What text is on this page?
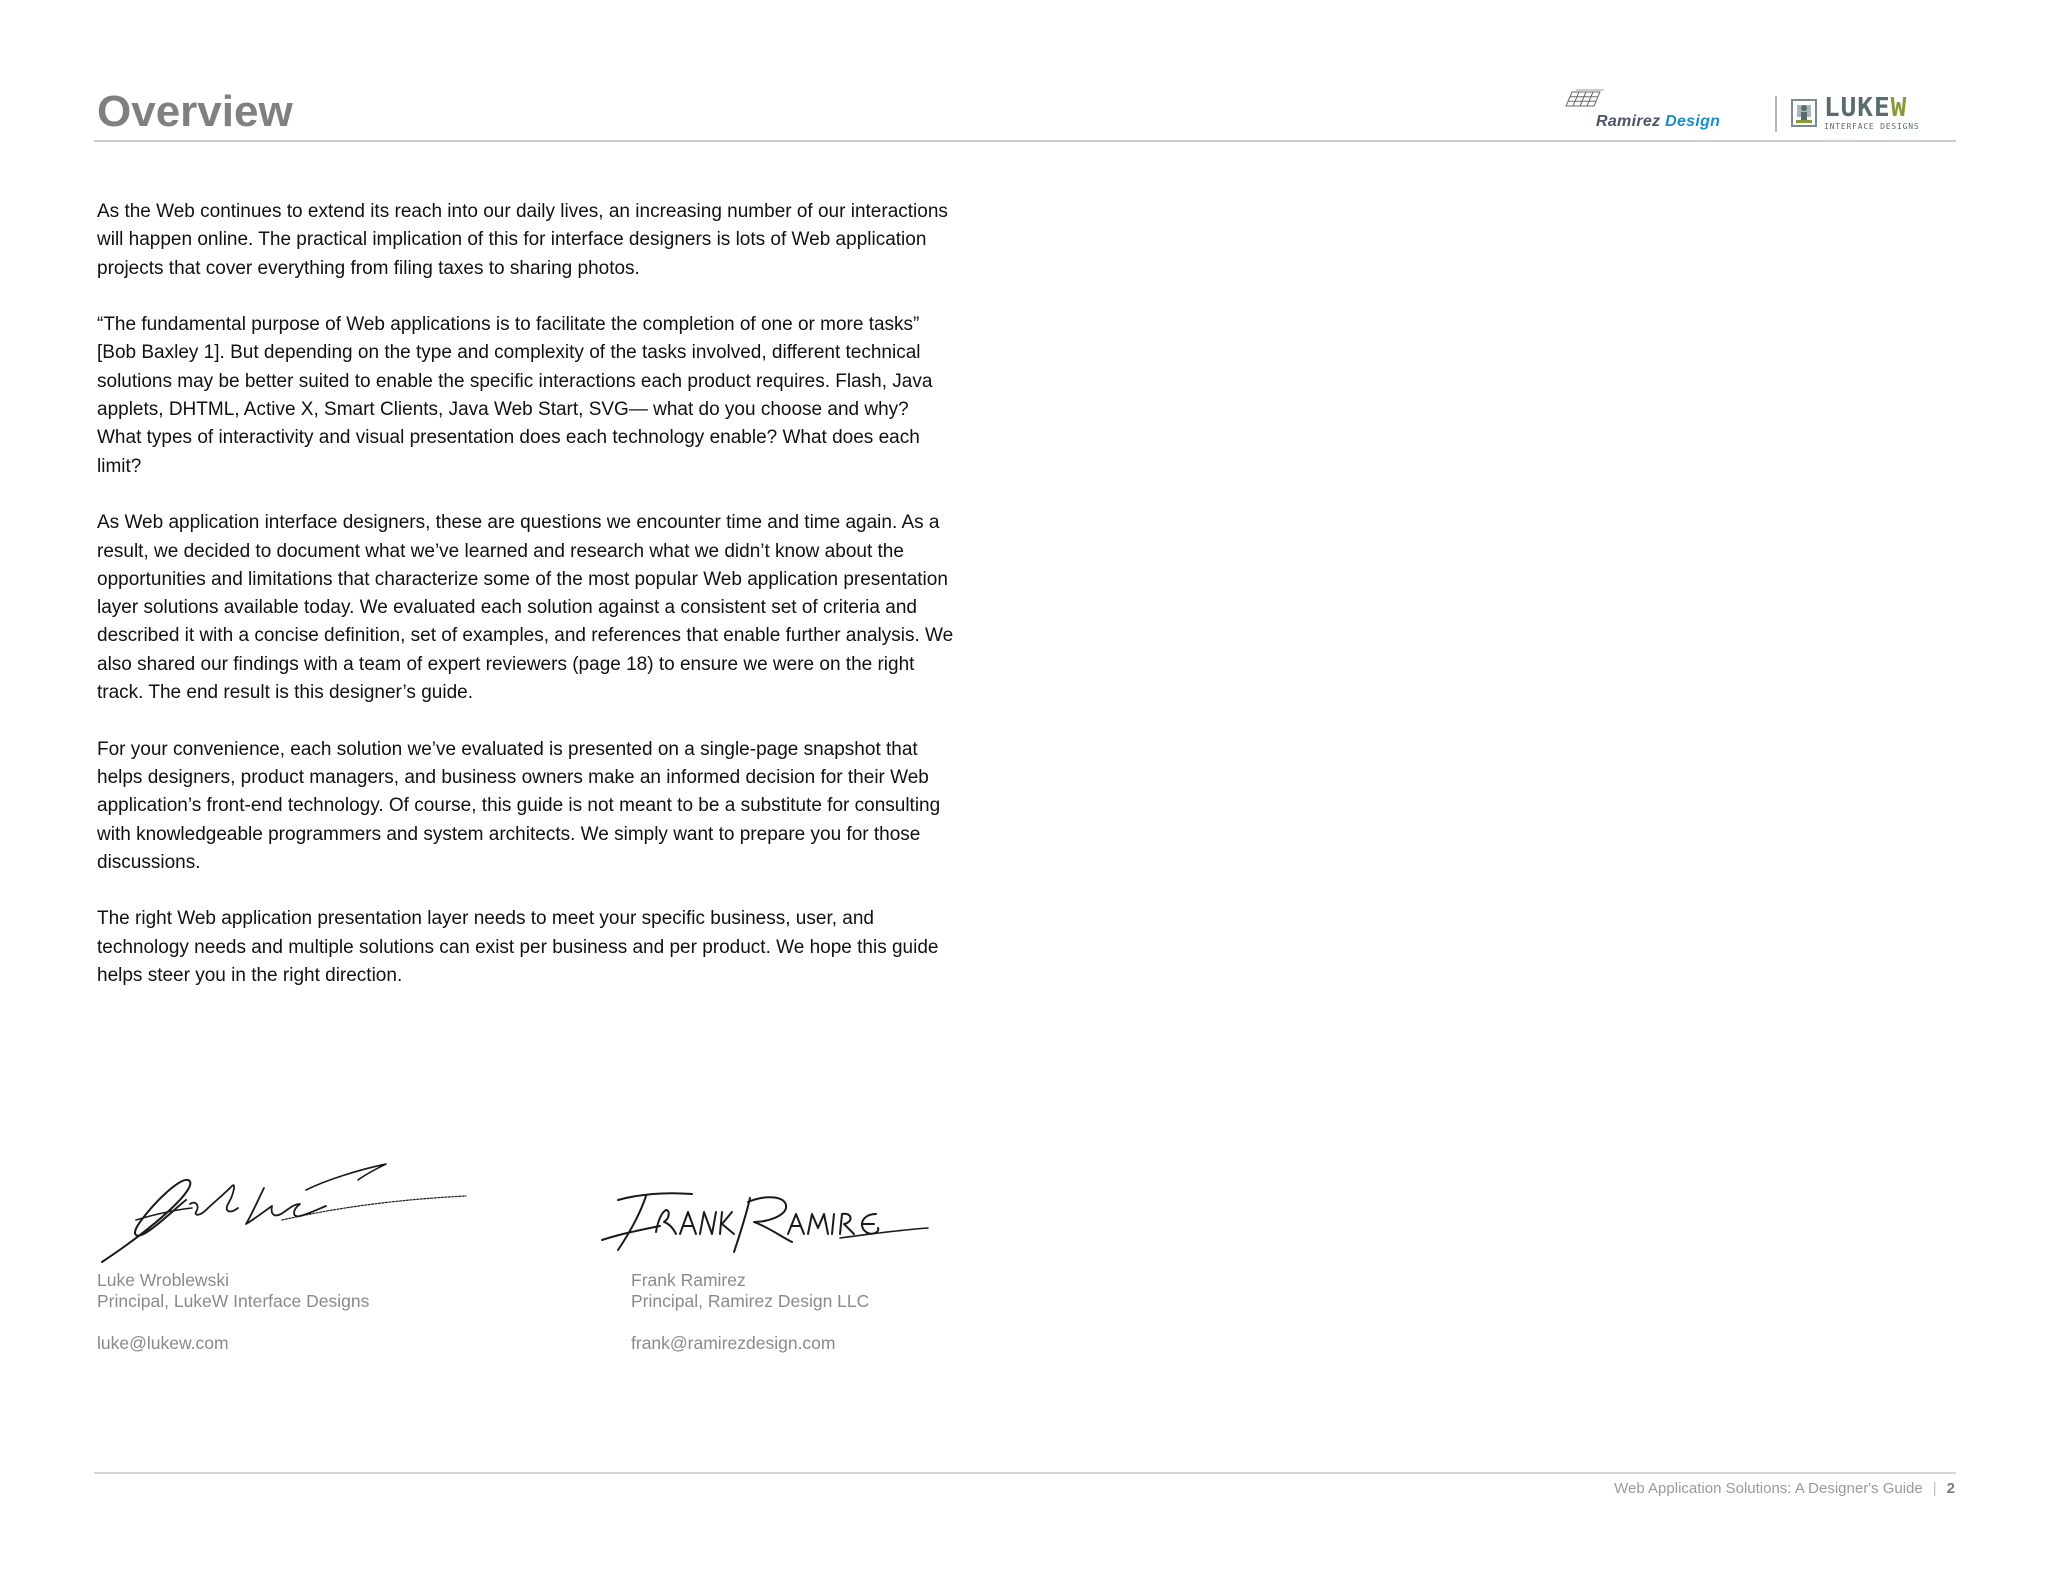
Overview	Ramirez Design	LUKEW
INTERFACE DESIGNS

As the Web continues to extend its reach into our daily lives, an increasing number of our interactions will happen online. The practical implication of this for interface designers is lots of Web application projects that cover everything from filing taxes to sharing photos.

“The fundamental purpose of Web applications is to facilitate the completion of one or more tasks” [Bob Baxley 1]. But depending on the type and complexity of the tasks involved, different technical solutions may be better suited to enable the specific interactions each product requires. Flash, Java applets, DHTML, Active X, Smart Clients, Java Web Start, SVG— what do you choose and why? What types of interactivity and visual presentation does each technology enable? What does each limit?

As Web application interface designers, these are questions we encounter time and time again. As a result, we decided to document what we’ve learned and research what we didn’t know about the opportunities and limitations that characterize some of the most popular Web application presentation layer solutions available today. We evaluated each solution against a consistent set of criteria and described it with a concise definition, set of examples, and references that enable further analysis. We also shared our findings with a team of expert reviewers (page 18) to ensure we were on the right track. The end result is this designer’s guide.

For your convenience, each solution we’ve evaluated is presented on a single-page snapshot that helps designers, product managers, and business owners make an informed decision for their Web application’s front-end technology. Of course, this guide is not meant to be a substitute for consulting with knowledgeable programmers and system architects. We simply want to prepare you for those discussions.

The right Web application presentation layer needs to meet your specific business, user, and technology needs and multiple solutions can exist per business and per product. We hope this guide helps steer you in the right direction.

Luke Wroblewski
Principal, LukeW Interface Designs
luke@lukew.com
Frank Ramirez
Principal, Ramirez Design LLC
frank@ramirezdesign.com
Web Application Solutions: A Designer's Guide | 2
